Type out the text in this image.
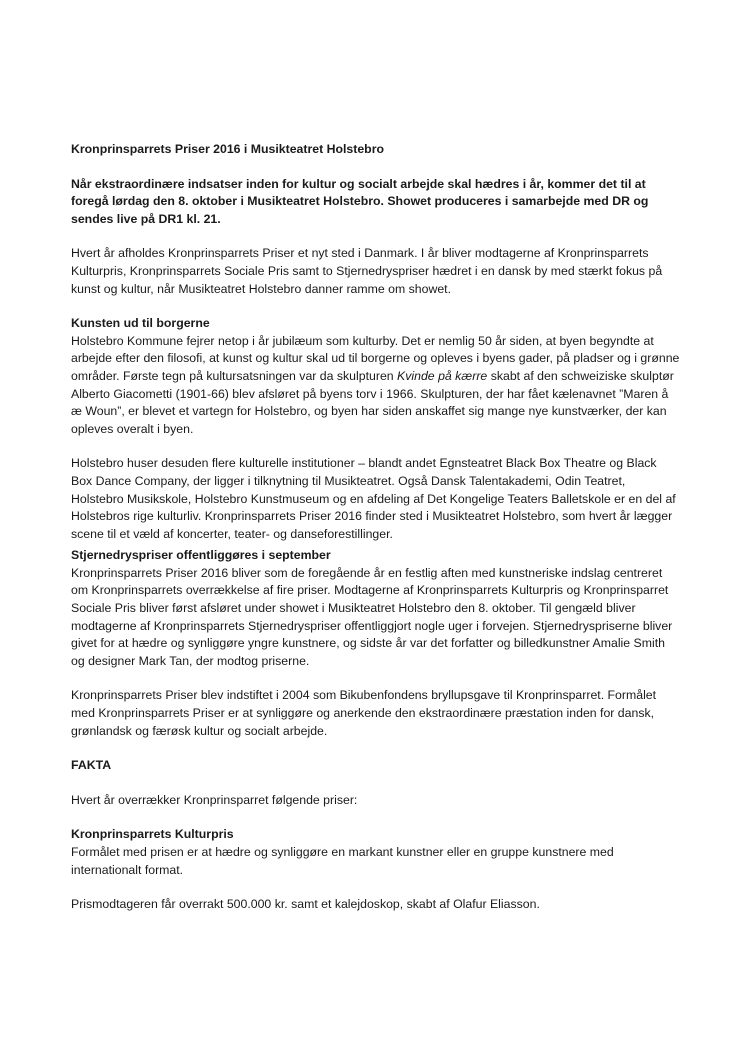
Kronprinsparrets Priser 2016 i Musikteatret Holstebro

Når ekstraordinære indsatser inden for kultur og socialt arbejde skal hædres i år, kommer det til at foregå lørdag den 8. oktober i Musikteatret Holstebro. Showet produceres i samarbejde med DR og sendes live på DR1 kl. 21.

Hvert år afholdes Kronprinsparrets Priser et nyt sted i Danmark. I år bliver modtagerne af Kronprinsparrets Kulturpris, Kronprinsparrets Sociale Pris samt to Stjernedryspriser hædret i en dansk by med stærkt fokus på kunst og kultur, når Musikteatret Holstebro danner ramme om showet.

Kunsten ud til borgerne
Holstebro Kommune fejrer netop i år jubilæum som kulturby. Det er nemlig 50 år siden, at byen begyndte at arbejde efter den filosofi, at kunst og kultur skal ud til borgerne og opleves i byens gader, på pladser og i grønne områder. Første tegn på kultursatsningen var da skulpturen Kvinde på kærre skabt af den schweiziske skulptør Alberto Giacometti (1901-66) blev afsløret på byens torv i 1966. Skulpturen, der har fået kælenavnet ”Maren å æ Woun”, er blevet et vartegn for Holstebro, og byen har siden anskaffet sig mange nye kunstværker, der kan opleves overalt i byen.

Holstebro huser desuden flere kulturelle institutioner – blandt andet Egnsteatret Black Box Theatre og Black Box Dance Company, der ligger i tilknytning til Musikteatret. Også Dansk Talentakademi, Odin Teatret, Holstebro Musikskole, Holstebro Kunstmuseum og en afdeling af Det Kongelige Teaters Balletskole er en del af Holstebros rige kulturliv. Kronprinsparrets Priser 2016 finder sted i Musikteatret Holstebro, som hvert år lægger scene til et væld af koncerter, teater- og danseforestillinger.

Stjernedryspriser offentliggøres i september
Kronprinsparrets Priser 2016 bliver som de foregående år en festlig aften med kunstneriske indslag centreret om Kronprinsparrets overrækkelse af fire priser. Modtagerne af Kronprinsparrets Kulturpris og Kronprinsparret Sociale Pris bliver først afsløret under showet i Musikteatret Holstebro den 8. oktober. Til gengæld bliver modtagerne af Kronprinsparrets Stjernedryspriser offentliggjort nogle uger i forvejen. Stjernedryspriserne bliver givet for at hædre og synliggøre yngre kunstnere, og sidste år var det forfatter og billedkunstner Amalie Smith og designer Mark Tan, der modtog priserne.

Kronprinsparrets Priser blev indstiftet i 2004 som Bikubenfondens bryllupsgave til Kronprinsparret. Formålet med Kronprinsparrets Priser er at synliggøre og anerkende den ekstraordinære præstation inden for dansk, grønlandsk og færøsk kultur og socialt arbejde.

FAKTA

Hvert år overrækker Kronprinsparret følgende priser:

Kronprinsparrets Kulturpris
Formålet med prisen er at hædre og synliggøre en markant kunstner eller en gruppe kunstnere med internationalt format.

Prismodtageren får overrakt 500.000 kr. samt et kalejdoskop, skabt af Olafur Eliasson.
